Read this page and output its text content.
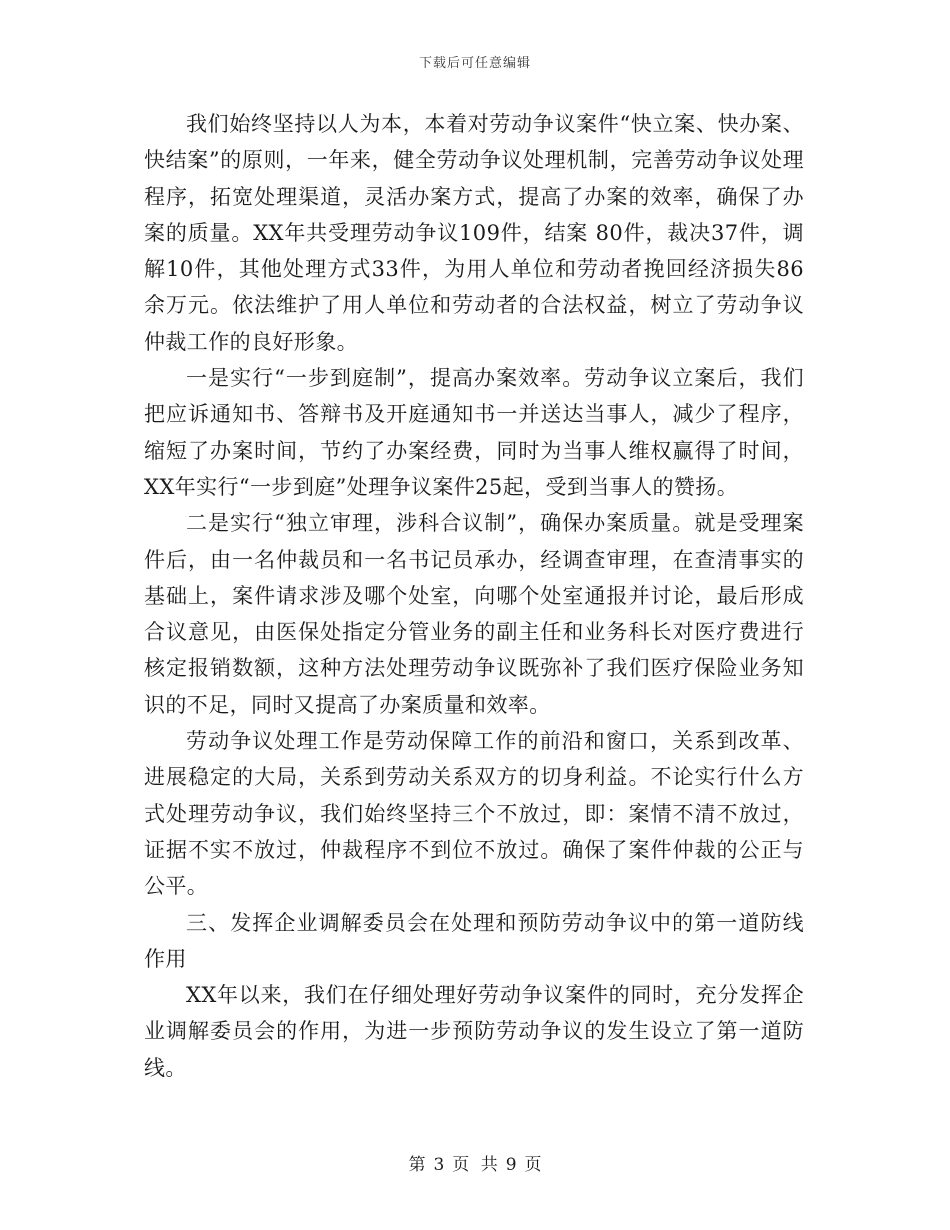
下载后可任意编辑

我们始终坚持以人为本，本着对劳动争议案件“快立案、快办案、快结案”的原则，一年来，健全劳动争议处理机制，完善劳动争议处理程序，拓宽处理渠道，灵活办案方式，提高了办案的效率，确保了办案的质量。XX年共受理劳动争议109件，结案 80件，裁决37件，调解10件，其他处理方式33件，为用人单位和劳动者挽回经济损失86余万元。依法维护了用人单位和劳动者的合法权益，树立了劳动争议仲裁工作的良好形象。

一是实行“一步到庭制”，提高办案效率。劳动争议立案后，我们把应诉通知书、答辩书及开庭通知书一并送达当事人，减少了程序，缩短了办案时间，节约了办案经费，同时为当事人维权赢得了时间，XX年实行“一步到庭”处理争议案件25起，受到当事人的赞扬。

二是实行“独立审理，涉科合议制”，确保办案质量。就是受理案件后，由一名仲裁员和一名书记员承办，经调查审理，在查清事实的基础上，案件请求涉及哪个处室，向哪个处室通报并讨论，最后形成合议意见，由医保处指定分管业务的副主任和业务科长对医疗费进行核定报销数额，这种方法处理劳动争议既弥补了我们医疗保险业务知识的不足，同时又提高了办案质量和效率。

劳动争议处理工作是劳动保障工作的前沿和窗口，关系到改革、进展稳定的大局，关系到劳动关系双方的切身利益。不论实行什么方式处理劳动争议，我们始终坚持三个不放过，即：案情不清不放过，证据不实不放过，仲裁程序不到位不放过。确保了案件仲裁的公正与公平。

三、发挥企业调解委员会在处理和预防劳动争议中的第一道防线作用

XX年以来，我们在仔细处理好劳动争议案件的同时，充分发挥企业调解委员会的作用，为进一步预防劳动争议的发生设立了第一道防线。

第 3 页 共 9 页
